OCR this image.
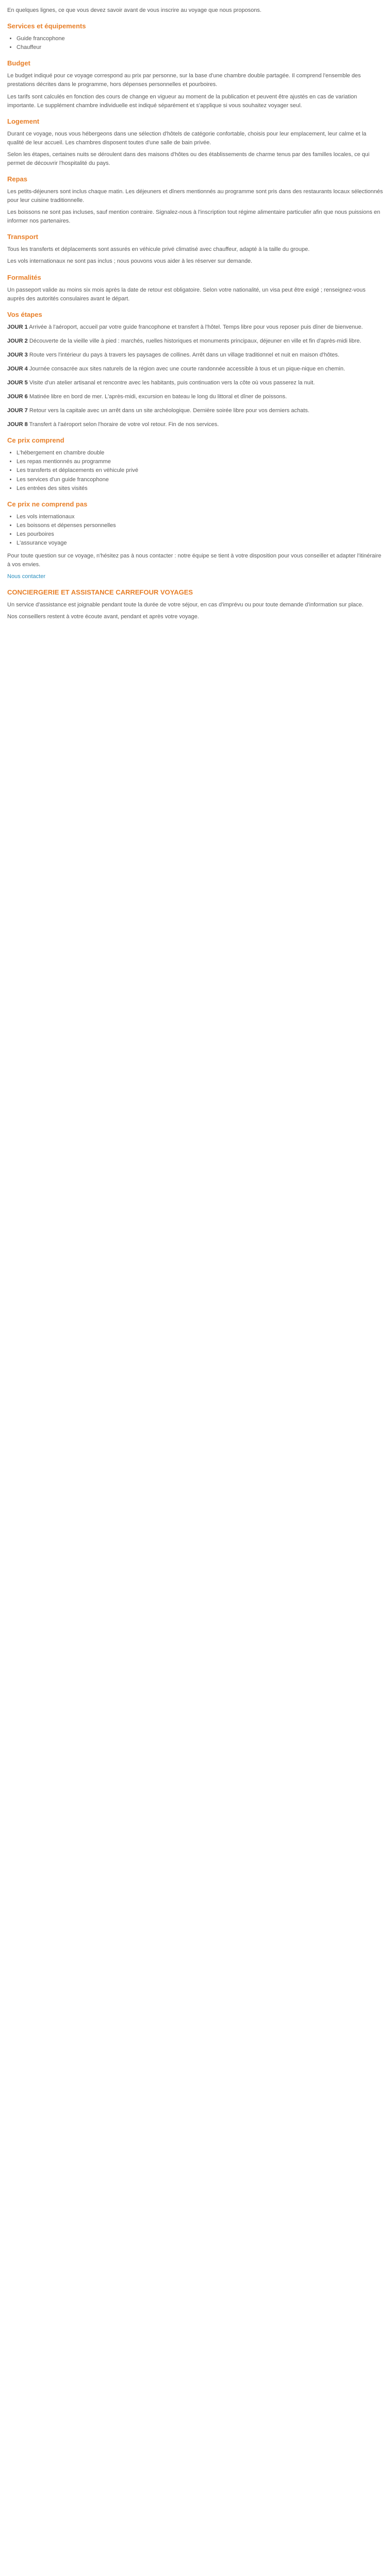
En quelques lignes, ce que vous devez savoir avant de vous inscrire au voyage que nous proposons.

Services et équipements
• Guide francophone
• Chauffeur
Budget

Le budget indiqué pour ce voyage correspond au prix par personne, sur la base d'une chambre double partagée. Il comprend l'ensemble des prestations décrites dans le programme, hors dépenses personnelles et pourboires.

Les tarifs sont calculés en fonction des cours de change en vigueur au moment de la publication et peuvent être ajustés en cas de variation importante. Le supplément chambre individuelle est indiqué séparément et s'applique si vous souhaitez voyager seul.

Logement

Durant ce voyage, nous vous hébergeons dans une sélection d'hôtels de catégorie confortable, choisis pour leur emplacement, leur calme et la qualité de leur accueil. Les chambres disposent toutes d'une salle de bain privée.

Selon les étapes, certaines nuits se déroulent dans des maisons d'hôtes ou des établissements de charme tenus par des familles locales, ce qui permet de découvrir l'hospitalité du pays.

Repas

Les petits-déjeuners sont inclus chaque matin. Les déjeuners et dîners mentionnés au programme sont pris dans des restaurants locaux sélectionnés pour leur cuisine traditionnelle.

Les boissons ne sont pas incluses, sauf mention contraire. Signalez-nous à l'inscription tout régime alimentaire particulier afin que nous puissions en informer nos partenaires.

Transport

Tous les transferts et déplacements sont assurés en véhicule privé climatisé avec chauffeur, adapté à la taille du groupe.

Les vols internationaux ne sont pas inclus ; nous pouvons vous aider à les réserver sur demande.

Formalités

Un passeport valide au moins six mois après la date de retour est obligatoire. Selon votre nationalité, un visa peut être exigé ; renseignez-vous auprès des autorités consulaires avant le départ.

Vos étapes
JOUR 1 Arrivée à l'aéroport, accueil par votre guide francophone et transfert à l'hôtel. Temps libre pour vous reposer puis dîner de bienvenue.
JOUR 2 Découverte de la vieille ville à pied : marchés, ruelles historiques et monuments principaux, déjeuner en ville et fin d'après-midi libre.
JOUR 3 Route vers l'intérieur du pays à travers les paysages de collines. Arrêt dans un village traditionnel et nuit en maison d'hôtes.
JOUR 4 Journée consacrée aux sites naturels de la région avec une courte randonnée accessible à tous et un pique-nique en chemin.
JOUR 5 Visite d'un atelier artisanal et rencontre avec les habitants, puis continuation vers la côte où vous passerez la nuit.
JOUR 6 Matinée libre en bord de mer. L'après-midi, excursion en bateau le long du littoral et dîner de poissons.
JOUR 7 Retour vers la capitale avec un arrêt dans un site archéologique. Dernière soirée libre pour vos derniers achats.
JOUR 8 Transfert à l'aéroport selon l'horaire de votre vol retour. Fin de nos services.
Ce prix comprend
• L'hébergement en chambre double
• Les repas mentionnés au programme
• Les transferts et déplacements en véhicule privé
• Les services d'un guide francophone
• Les entrées des sites visités
Ce prix ne comprend pas
• Les vols internationaux
• Les boissons et dépenses personnelles
• Les pourboires
• L'assurance voyage

Pour toute question sur ce voyage, n'hésitez pas à nous contacter : notre équipe se tient à votre disposition pour vous conseiller et adapter l'itinéraire à vos envies.

Nous contacter

CONCIERGERIE ET ASSISTANCE CARREFOUR VOYAGES

Un service d'assistance est joignable pendant toute la durée de votre séjour, en cas d'imprévu ou pour toute demande d'information sur place.

Nos conseillers restent à votre écoute avant, pendant et après votre voyage.
